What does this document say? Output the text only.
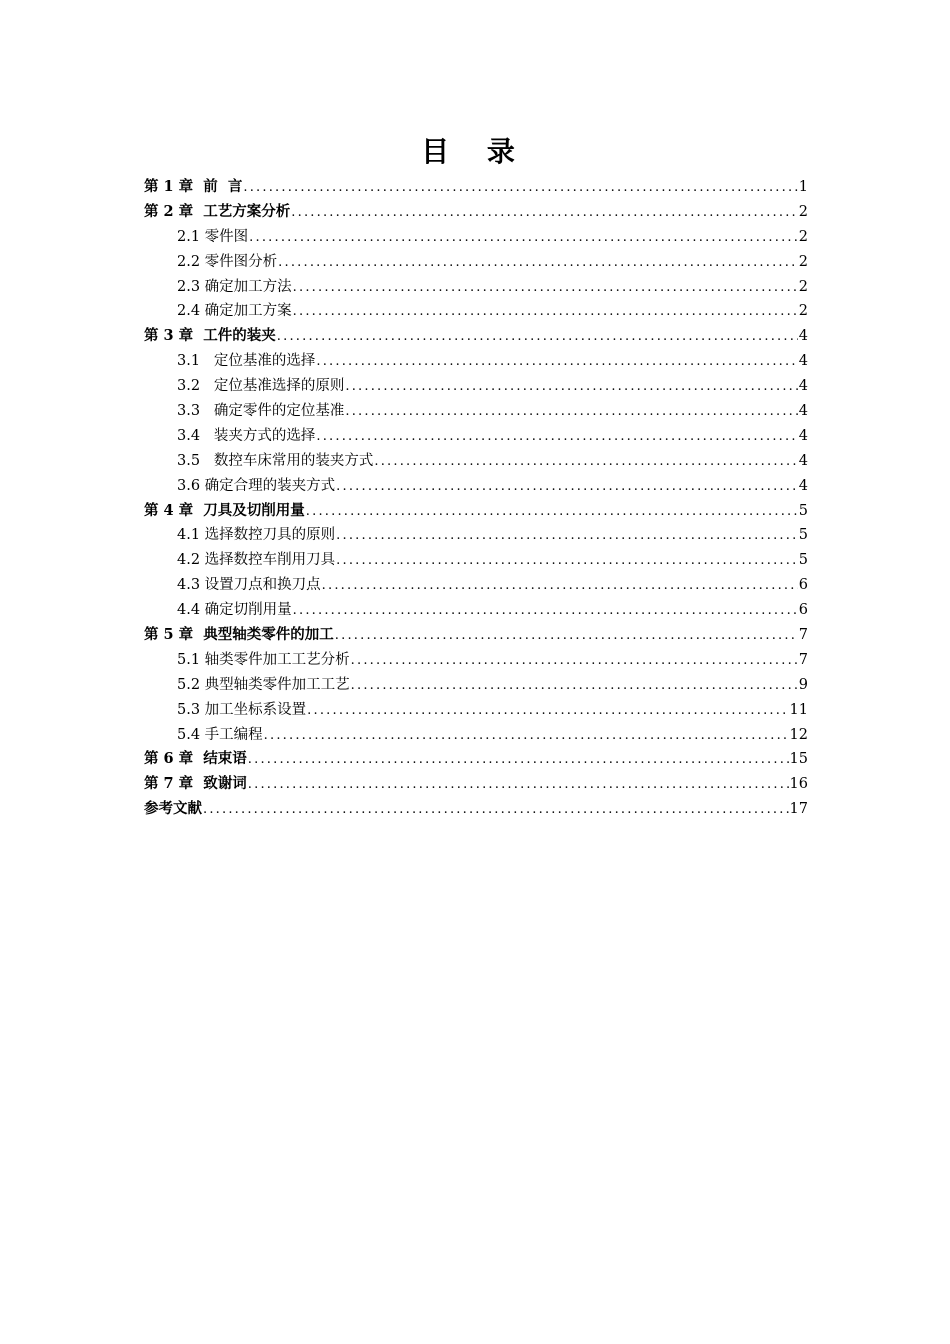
目 录
第 1 章  前  言 .....	1
第 2 章  工艺方案分析 .....	2
2.1 零件图 .....	2
2.2 零件图分析 .....	2
2.3 确定加工方法 .....	2
2.4 确定加工方案 .....	2
第 3 章  工件的装夹 .....	4
3.1   定位基准的选择 .....	4
3.2   定位基准选择的原则 .....	4
3.3   确定零件的定位基准 .....	4
3.4   装夹方式的选择 .....	4
3.5   数控车床常用的装夹方式 .....	4
3.6 确定合理的装夹方式 .....	4
第 4 章  刀具及切削用量 .....	5
4.1 选择数控刀具的原则 .....	5
4.2 选择数控车削用刀具 .....	5
4.3 设置刀点和换刀点 .....	6
4.4 确定切削用量 .....	6
第 5 章  典型轴类零件的加工 .....	7
5.1 轴类零件加工工艺分析 .....	7
5.2 典型轴类零件加工工艺 .....	9
5.3 加工坐标系设置 .....	11
5.4 手工编程 .....	12
第 6 章  结束语 .....	15
第 7 章  致谢词 .....	16
参考文献 .....	17
